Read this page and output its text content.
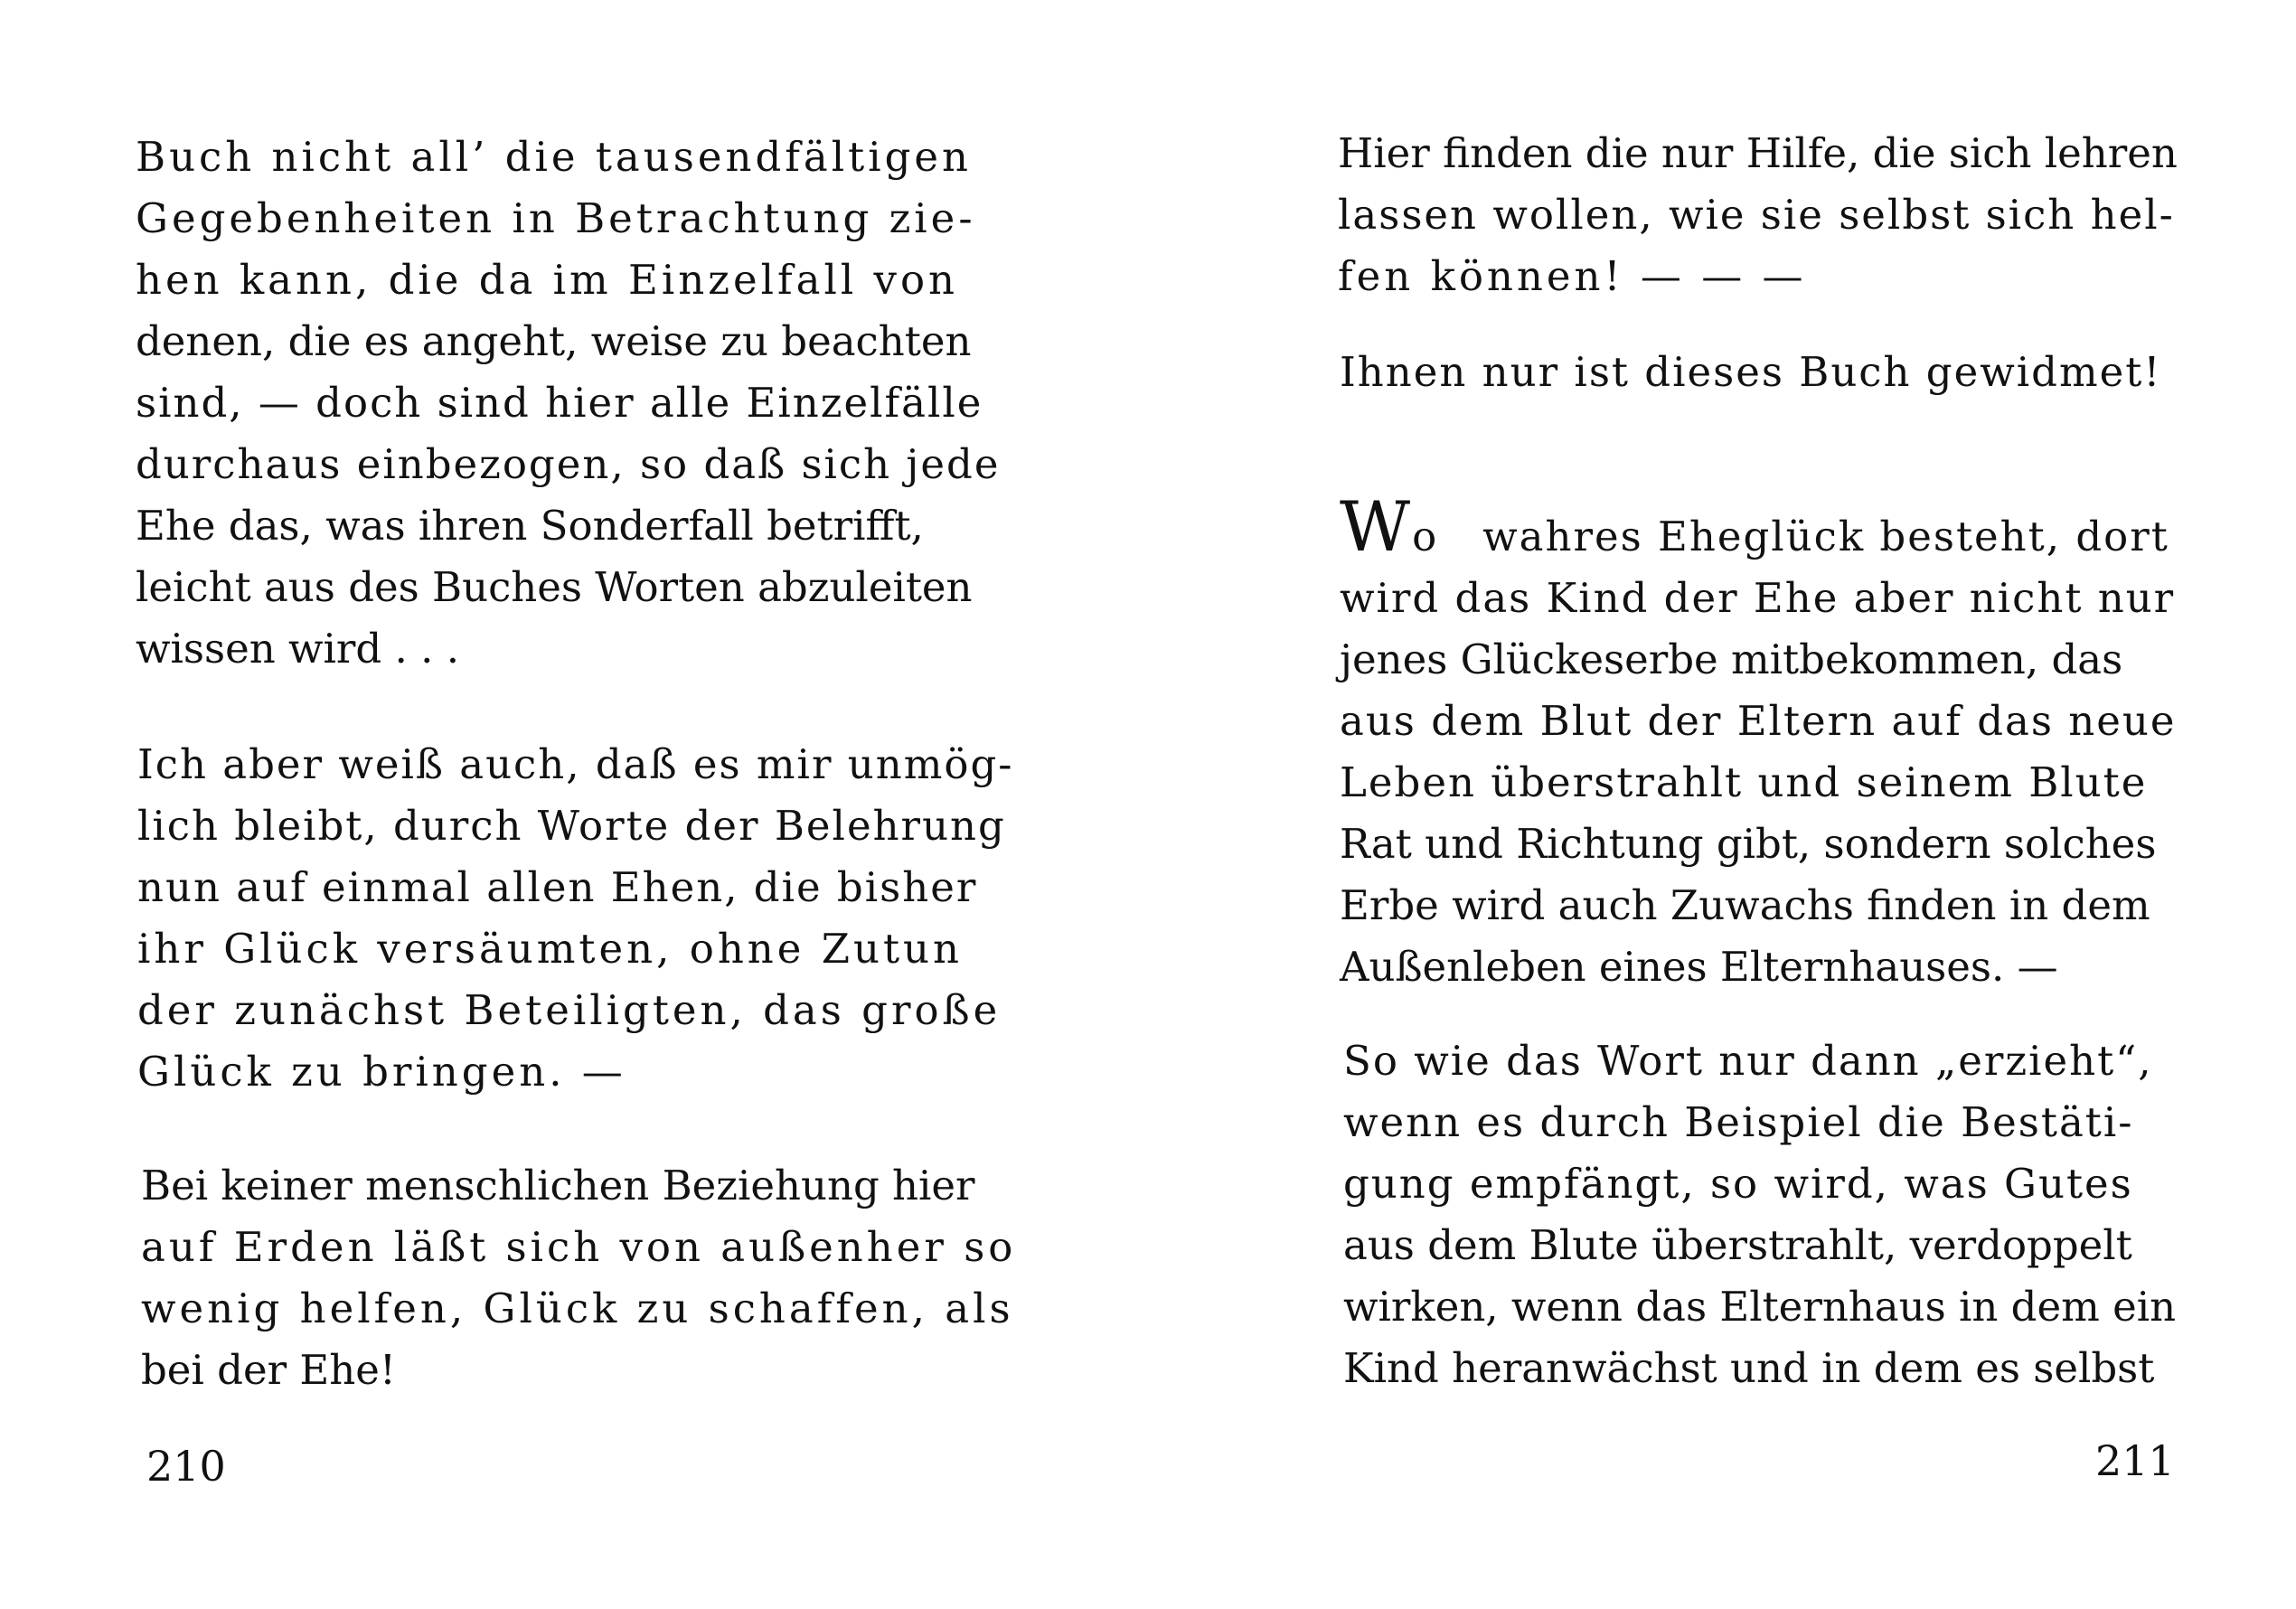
Buch nicht all’ die tausendfältigen
Gegebenheiten in Betrachtung zie-
hen kann, die da im Einzelfall von
denen, die es angeht, weise zu beachten
sind, — doch sind hier alle Einzelfälle
durchaus einbezogen, so daß sich jede
Ehe das, was ihren Sonderfall betrifft,
leicht aus des Buches Worten abzuleiten
wissen wird . . .
Ich aber weiß auch, daß es mir unmög-
lich bleibt, durch Worte der Belehrung
nun auf einmal allen Ehen, die bisher
ihr Glück versäumten, ohne Zutun
der zunächst Beteiligten, das große
Glück zu bringen. —
Bei keiner menschlichen Beziehung hier
auf Erden läßt sich von außenher so
wenig helfen, Glück zu schaffen, als
bei der Ehe!
210
Hier finden die nur Hilfe, die sich lehren
lassen wollen, wie sie selbst sich hel-
fen können! — — —
Ihnen nur ist dieses Buch gewidmet!
Wo   wahres Eheglück besteht, dort
wird das Kind der Ehe aber nicht nur
jenes Glückeserbe mitbekommen, das
aus dem Blut der Eltern auf das neue
Leben überstrahlt und seinem Blute
Rat und Richtung gibt, sondern solches
Erbe wird auch Zuwachs finden in dem
Außenleben eines Elternhauses. —
So wie das Wort nur dann „erzieht“,
wenn es durch Beispiel die Bestäti-
gung empfängt, so wird, was Gutes
aus dem Blute überstrahlt, verdoppelt
wirken, wenn das Elternhaus in dem ein
Kind heranwächst und in dem es selbst
211
